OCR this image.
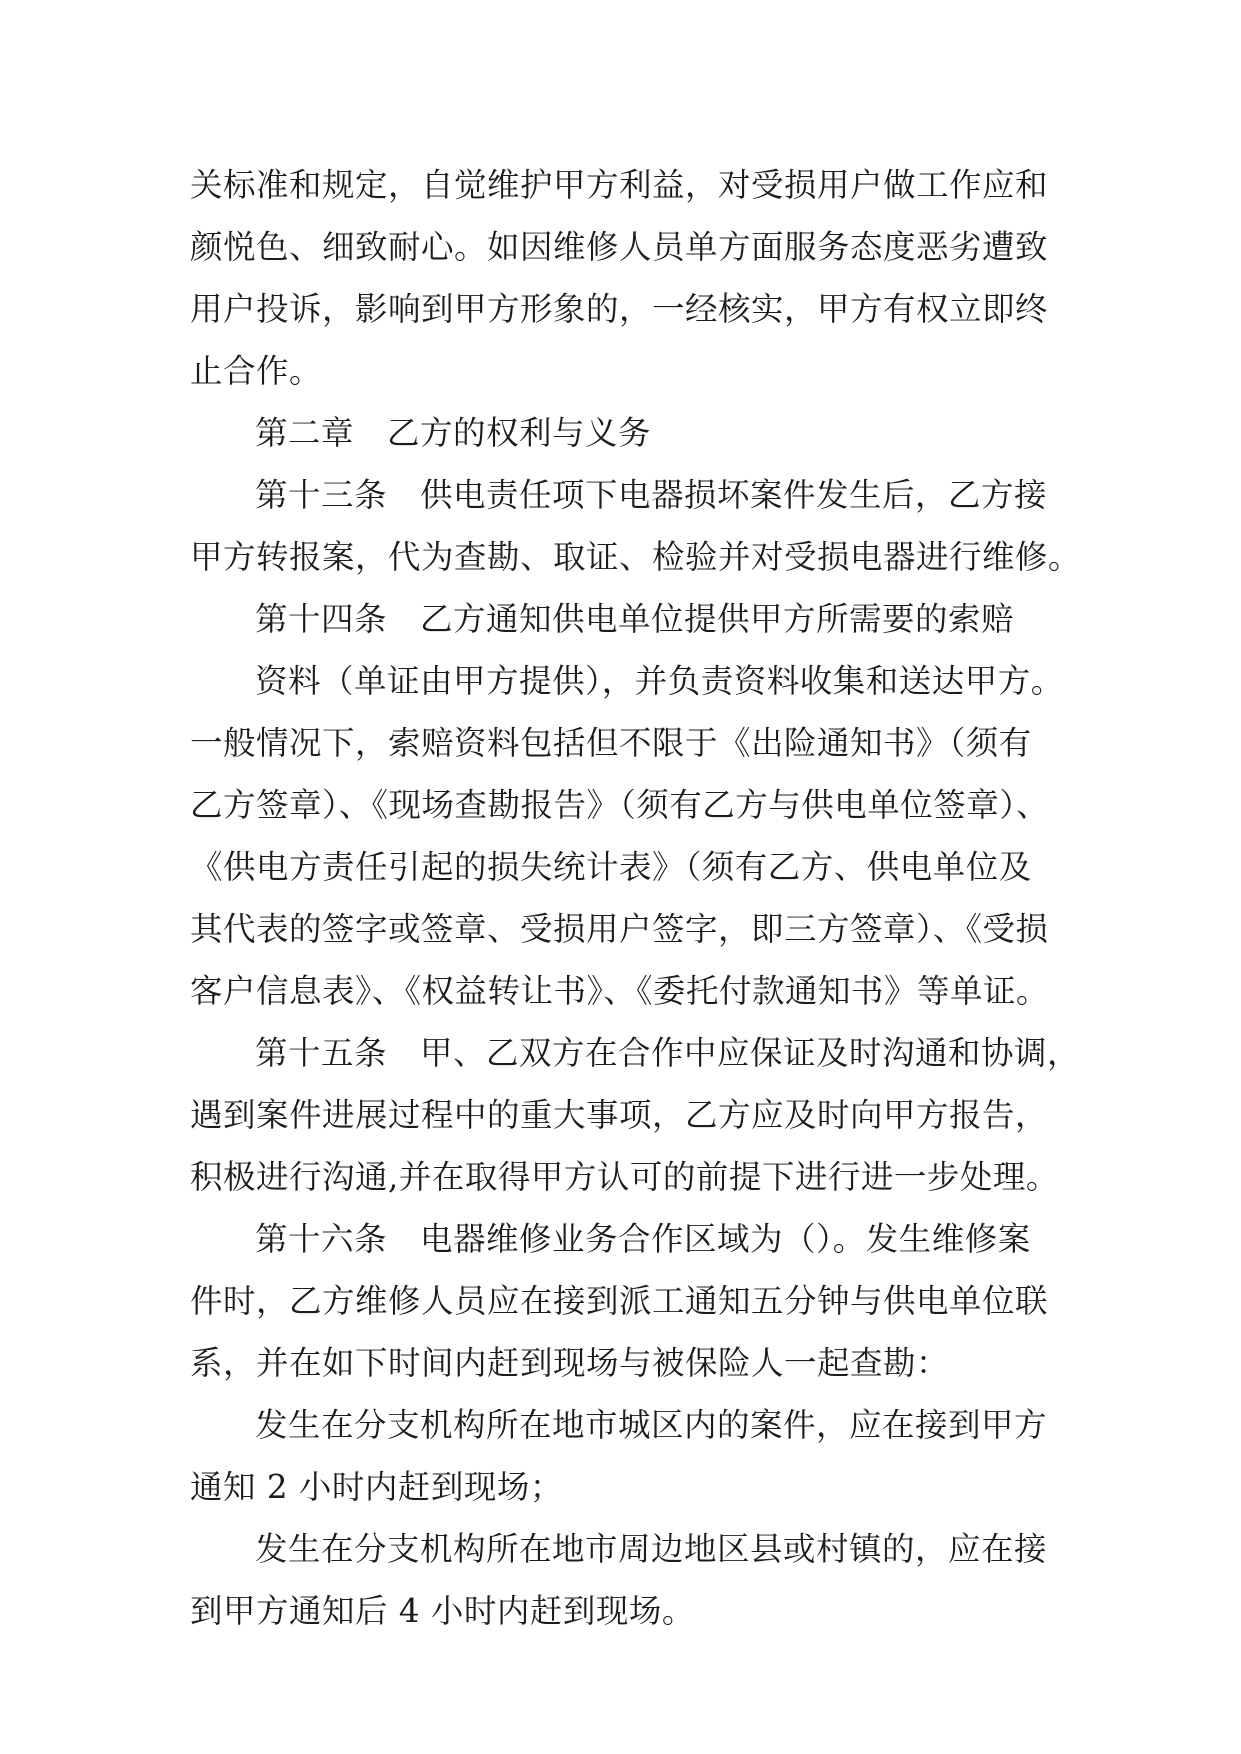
关标准和规定，自觉维护甲方利益，对受损用户做工作应和
颜悦色、细致耐心。如因维修人员单方面服务态度恶劣遭致
用户投诉，影响到甲方形象的，一经核实，甲方有权立即终
止合作。
第二章　乙方的权利与义务
第十三条　供电责任项下电器损坏案件发生后，乙方接
甲方转报案，代为查勘、取证、检验并对受损电器进行维修。
第十四条　乙方通知供电单位提供甲方所需要的索赔
资料（单证由甲方提供），并负责资料收集和送达甲方。
一般情况下，索赔资料包括但不限于《出险通知书》（须有
乙方签章）、《现场查勘报告》（须有乙方与供电单位签章）、
《供电方责任引起的损失统计表》（须有乙方、供电单位及
其代表的签字或签章、受损用户签字，即三方签章）、《受损
客户信息表》、《权益转让书》、《委托付款通知书》等单证。
第十五条　甲、乙双方在合作中应保证及时沟通和协调，
遇到案件进展过程中的重大事项，乙方应及时向甲方报告，
积极进行沟通,并在取得甲方认可的前提下进行进一步处理。
第十六条　电器维修业务合作区域为（）。发生维修案
件时，乙方维修人员应在接到派工通知五分钟与供电单位联
系，并在如下时间内赶到现场与被保险人一起查勘：
发生在分支机构所在地市城区内的案件，应在接到甲方
通知 2 小时内赶到现场；
发生在分支机构所在地市周边地区县或村镇的，应在接
到甲方通知后 4 小时内赶到现场。
